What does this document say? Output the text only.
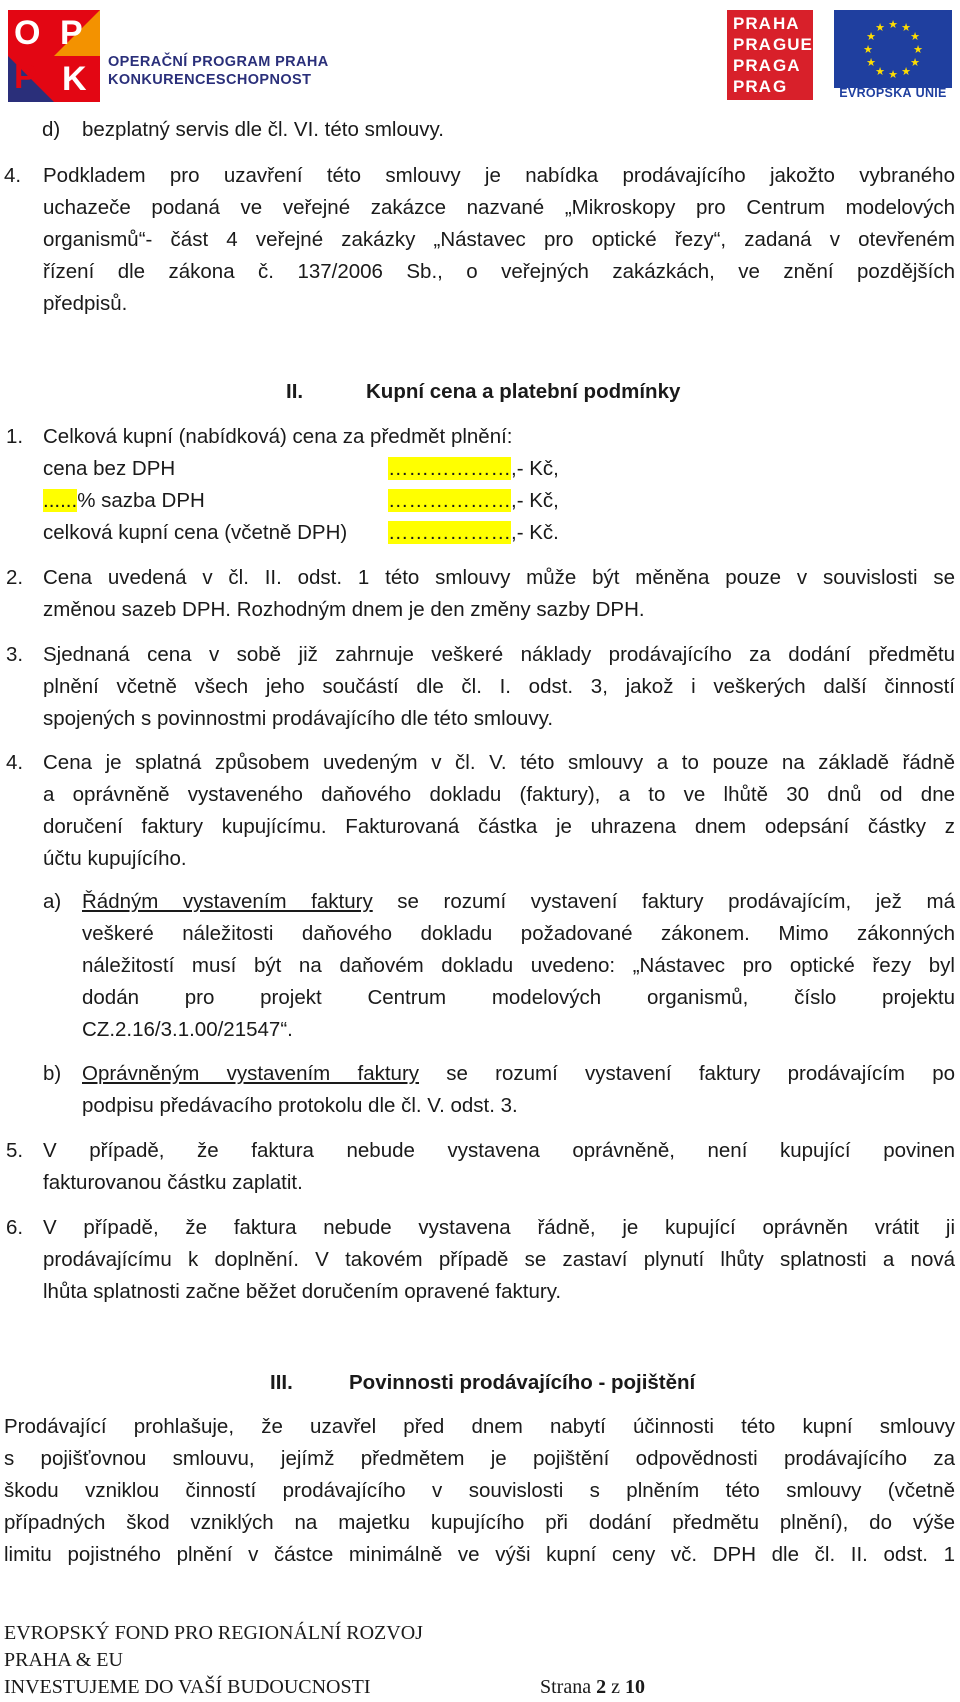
O P
P K OPERAČNÍ PROGRAM PRAHA
KONKURENCESCHOPNOST
PRA HA
PRA GUE
PRA GA
PRA G
★ ★
★
★
★
★
★
★
★
★
★
★
EVROPSKÁ UNIE
d) bezplatný servis dle čl. VI. této smlouvy.
4. Podkladem pro uzavření této smlouvy je nabídka prodávajícího jakožto vybraného
uchazeče podaná ve veřejné zakázce nazvané „Mikroskopy pro Centrum modelových
organismů“- část 4 veřejné zakázky „Nástavec pro optické řezy“, zadaná v otevřeném
řízení dle zákona č. 137/2006 Sb., o veřejných zakázkách, ve znění pozdějších
předpisů.
II.	Kupní cena a platební podmínky
1. Celková kupní (nabídková) cena za předmět plnění:
cena bez DPH	………………,- Kč,
......% sazba DPH	………………,- Kč,
celková kupní cena (včetně DPH) ………………,- Kč.
2. Cena uvedená v čl. II. odst. 1 této smlouvy může být měněna pouze v souvislosti se
změnou sazeb DPH. Rozhodným dnem je den změny sazby DPH.
3. Sjednaná cena v sobě již zahrnuje veškeré náklady prodávajícího za dodání předmětu
plnění včetně všech jeho součástí dle čl. I. odst. 3, jakož i veškerých další činností
spojených s povinnostmi prodávajícího dle této smlouvy.
4. Cena je splatná způsobem uvedeným v čl. V. této smlouvy a to pouze na základě řádně
a oprávněně vystaveného daňového dokladu (faktury), a to ve lhůtě 30 dnů od dne
doručení faktury kupujícímu. Fakturovaná částka je uhrazena dnem odepsání částky z
účtu kupujícího.
a) Řádným vystavením faktury se rozumí vystavení faktury prodávajícím, jež má
veškeré náležitosti daňového dokladu požadované zákonem. Mimo zákonných
náležitostí musí být na daňovém dokladu uvedeno: „Nástavec pro optické řezy byl
dodán pro projekt Centrum modelových organismů, číslo projektu
CZ.2.16/3.1.00/21547“.
b) Oprávněným vystavením faktury se rozumí vystavení faktury prodávajícím po
podpisu předávacího protokolu dle čl. V. odst. 3.
5. V případě, že faktura nebude vystavena oprávněně, není kupující povinen
fakturovanou částku zaplatit.
6. V případě, že faktura nebude vystavena řádně, je kupující oprávněn vrátit ji
prodávajícímu k doplnění. V takovém případě se zastaví plynutí lhůty splatnosti a nová
lhůta splatnosti začne běžet doručením opravené faktury.
III.	Povinnosti prodávajícího - pojištění
Prodávající prohlašuje, že uzavřel před dnem nabytí účinnosti této kupní smlouvy
s pojišťovnou smlouvu, jejímž předmětem je pojištění odpovědnosti prodávajícího za
škodu vzniklou činností prodávajícího v souvislosti s plněním této smlouvy (včetně
případných škod vzniklých na majetku kupujícího při dodání předmětu plnění), do výše
limitu pojistného plnění v částce minimálně ve výši kupní ceny vč. DPH dle čl. II. odst. 1
EVROPSKÝ FOND PRO REGIONÁLNÍ ROZVOJ
PRAHA & EU
INVESTUJEME DO VAŠÍ BUDOUCNOSTI	Strana 2 z 10
